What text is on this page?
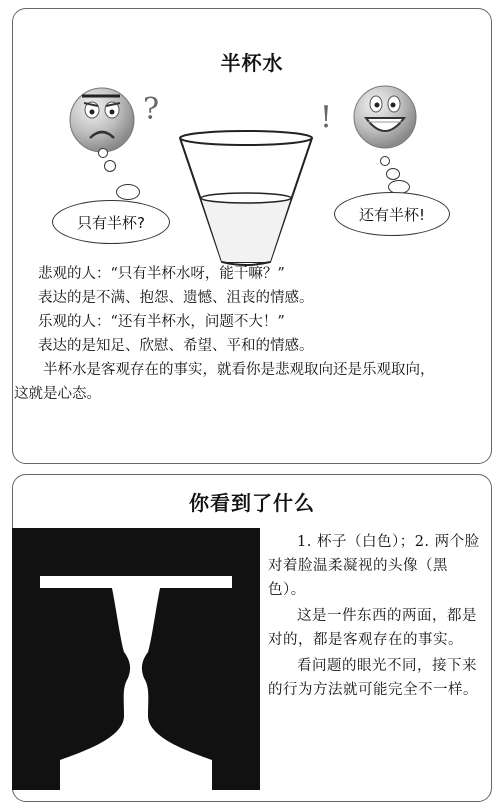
半杯水
?
只有半杯?
!
还有半杯!

悲观的人：“只有半杯水呀，能干嘛？”

表达的是不满、抱怨、遗憾、沮丧的情感。

乐观的人：“还有半杯水，问题不大！”

表达的是知足、欣慰、希望、平和的情感。

半杯水是客观存在的事实，就看你是悲观取向还是乐观取向，这就是心态。

你看到了什么

1. 杯子（白色）；2. 两个脸对着脸温柔凝视的头像（黑色）。

这是一件东西的两面，都是对的，都是客观存在的事实。

看问题的眼光不同，接下来的行为方法就可能完全不一样。
